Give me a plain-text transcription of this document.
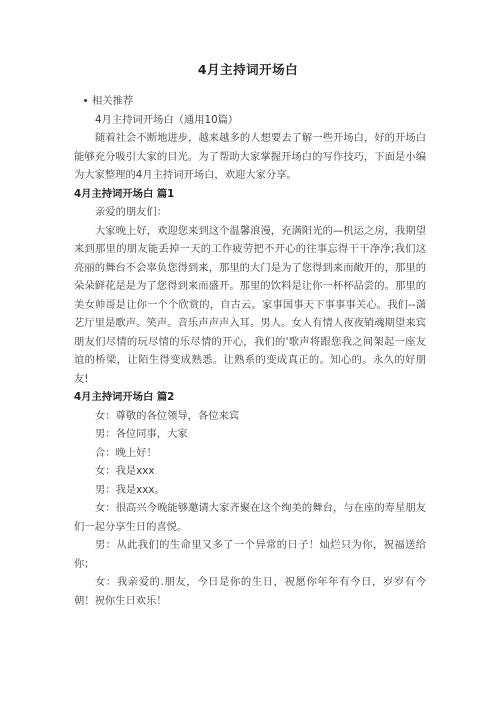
4月主持词开场白

相关推荐

4月主持词开场白（通用10篇）

随着社会不断地进步，越来越多的人想要去了解一些开场白，好的开场白能够充分吸引大家的目光。为了帮助大家掌握开场白的写作技巧，下面是小编为大家整理的4月主持词开场白，欢迎大家分享。

4月主持词开场白 篇1

亲爱的朋友们：

大家晚上好，欢迎您来到这个温馨浪漫，充满阳光的—机运之房，我期望来到那里的朋友能丢掉一天的工作疲劳把不开心的往事忘得干干净净;我们这亮丽的舞台不会辜负您得到来，那里的大门是为了您得到来而敞开的，那里的朵朵鲜花是是为了您得到来而盛开。那里的饮料是让你一杯杯品尝的。那里的美女帅哥是让你一个个欣赏的，自古云。家事国事天下事事事关心。我们--潇艺厅里是歌声。笑声。音乐声声声入耳。男人。女人有情人夜夜销魂期望来宾朋友们尽情的玩尽情的乐尽情的开心，我们的'歌声将跟您我之间架起一座友谊的桥梁，让陌生得变成熟悉。让熟系的变成真正的。知心的。永久的好朋友!

4月主持词开场白 篇2

女：尊敬的各位领导，各位来宾

男：各位同事，大家

合：晚上好！

女：我是xxx

男：我是xxx。

女：很高兴今晚能够邀请大家齐聚在这个绚美的舞台，与在座的寿星朋友们一起分享生日的喜悦。

男：从此我们的生命里又多了一个异常的日子！灿烂只为你，祝福送给你；

女：我亲爱的.朋友，今日是你的生日，祝愿你年年有今日，岁岁有今朝！祝你生日欢乐！
